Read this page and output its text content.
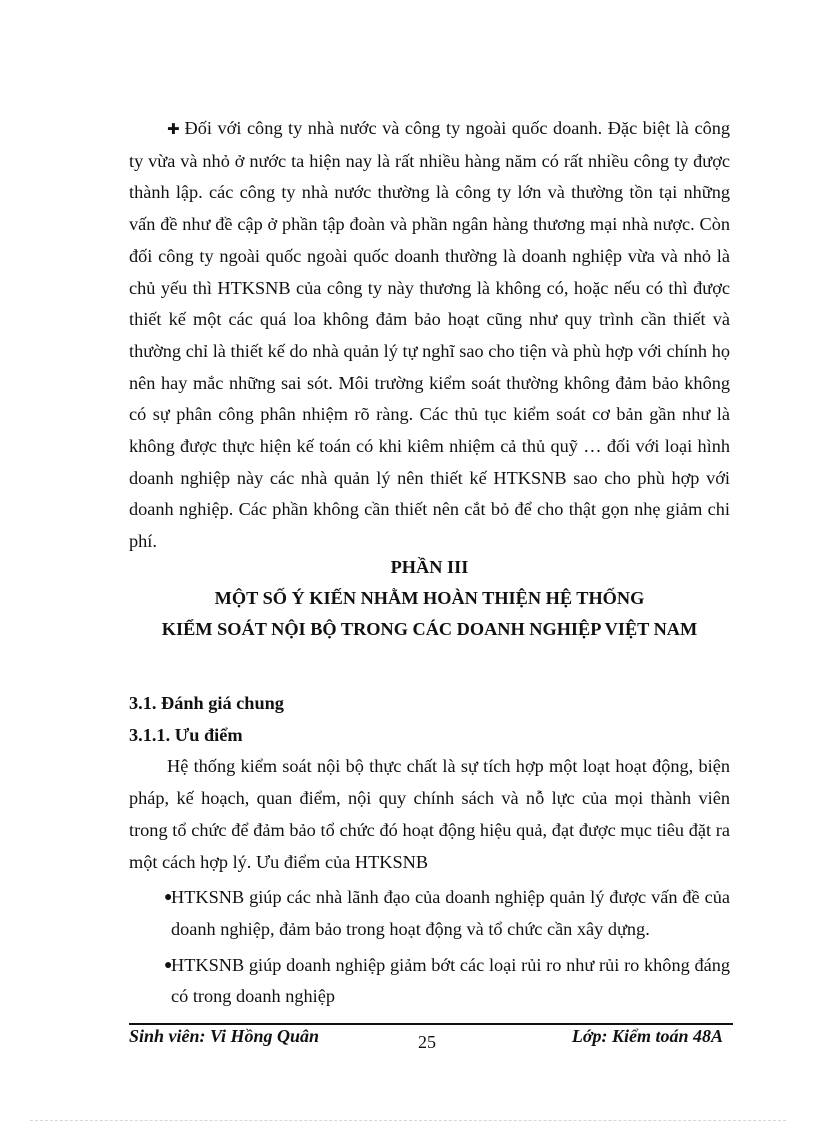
✚ Đối với công ty nhà nước và công ty ngoài quốc doanh. Đặc biệt là công ty vừa và nhỏ ở nước ta hiện nay là rất nhiều hàng năm có rất nhiều công ty được thành lập. các công ty nhà nước thường là công ty lớn và thường tồn tại những vấn đề như đề cập ở phần tập đoàn và phần ngân hàng thương mại nhà nược. Còn đối công ty ngoài quốc ngoài quốc doanh thường là doanh nghiệp vừa và nhỏ là chủ yếu thì HTKSNB của công ty này thương là không có, hoặc nếu có thì được thiết kế một các quá loa không đảm bảo hoạt cũng như quy trình cần thiết và thường chỉ là thiết kế do nhà quản lý tự nghĩ sao cho tiện và phù hợp với chính họ nên hay mắc những sai sót. Môi trường kiểm soát thường không đảm bảo không có sự phân công phân nhiệm rõ ràng. Các thủ tục kiểm soát cơ bản gần như là không được thực hiện kế toán có khi kiêm nhiệm cả thủ quỹ … đối với loại hình doanh nghiệp này các nhà quản lý nên thiết kế HTKSNB sao cho phù hợp với doanh nghiệp. Các phần không cần thiết nên cắt bỏ để cho thật gọn nhẹ giảm chi phí.

PHẦN III
MỘT SỐ Ý KIẾN NHẰM HOÀN THIỆN HỆ THỐNG
KIỂM SOÁT NỘI BỘ TRONG CÁC DOANH NGHIỆP VIỆT NAM

3.1. Đánh giá chung

3.1.1. Ưu điểm

Hệ thống kiểm soát nội bộ thực chất là sự tích hợp một loạt hoạt động, biện pháp, kế hoạch, quan điểm, nội quy chính sách và nỗ lực của mọi thành viên trong tổ chức để đảm bảo tổ chức đó hoạt động hiệu quả, đạt được mục tiêu đặt ra một cách hợp lý. Ưu điểm của HTKSNB

●
HTKSNB giúp các nhà lãnh đạo của doanh nghiệp quản lý được vấn đề của doanh nghiệp, đảm bảo trong hoạt động và tổ chức cần xây dựng.

●
HTKSNB giúp doanh nghiệp giảm bớt các loại rủi ro như rủi ro không đáng có trong doanh nghiệp

Sinh viên: Vi Hồng Quân	25	Lớp: Kiểm toán 48A
